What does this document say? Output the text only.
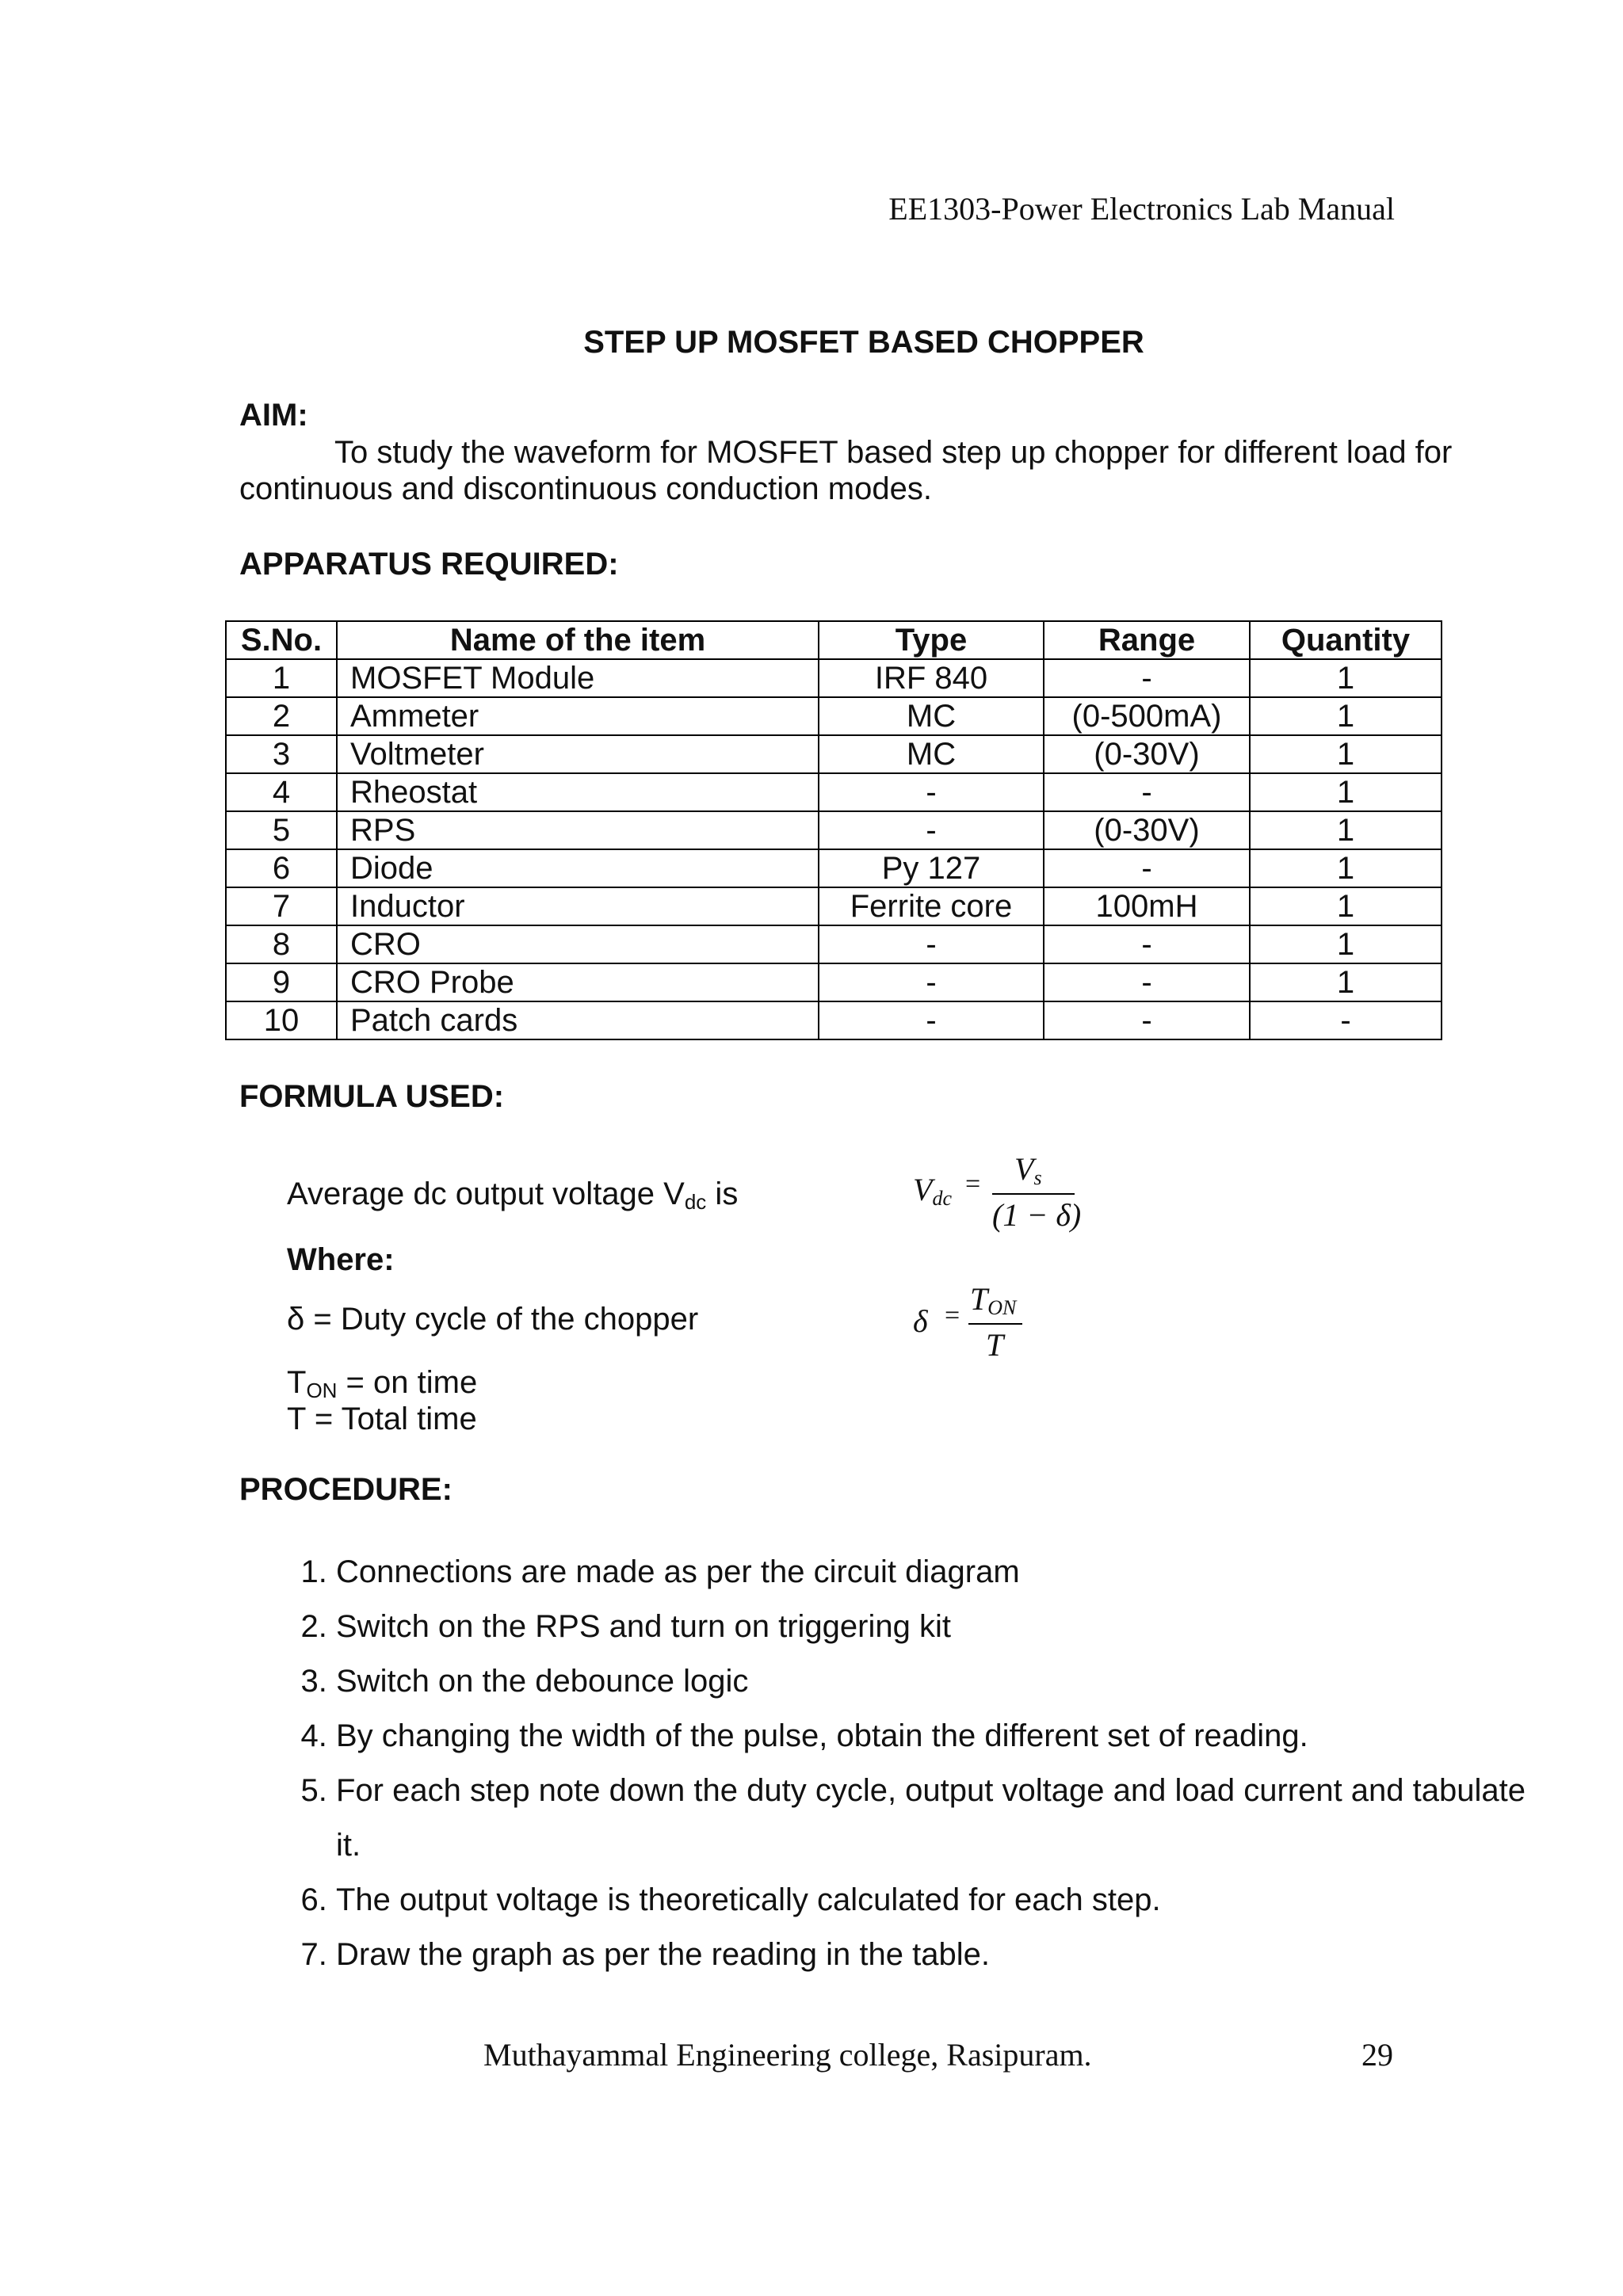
EE1303-Power Electronics Lab Manual
STEP UP MOSFET BASED CHOPPER
AIM:
To study the waveform for MOSFET based step up chopper for different load for continuous and discontinuous conduction modes.
APPARATUS REQUIRED:
S.No.	Name of the item	Type	Range	Quantity
1	MOSFET Module	IRF 840	-	1
2	Ammeter	MC	(0-500mA)	1
3	Voltmeter	MC	(0-30V)	1
4	Rheostat	-	-	1
5	RPS	-	(0-30V)	1
6	Diode	Py 127	-	1
7	Inductor	Ferrite core	100mH	1
8	CRO	-	-	1
9	CRO Probe	-	-	1
10	Patch cards	-	-	-
FORMULA USED:
Average dc output voltage $V_{dc}$ is	$V_{dc} = V_s$
(1 − δ)
Where:
δ = Duty cycle of the chopper	$\delta = T_{ON}$
T
$T_{ON}$ = on time
T = Total time
PROCEDURE:
1. Connections are made as per the circuit diagram
2. Switch on the RPS and turn on triggering kit
3. Switch on the debounce logic
4. By changing the width of the pulse, obtain the different set of reading.
5. For each step note down the duty cycle, output voltage and load current and tabulate it.
6. The output voltage is theoretically calculated for each step.
7. Draw the graph as per the reading in the table.
Muthayammal Engineering college, Rasipuram.	29
